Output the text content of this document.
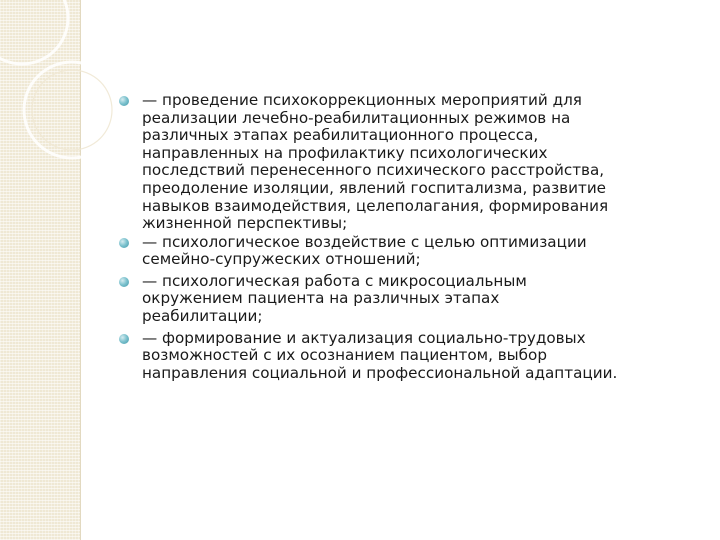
— проведение психокоррекционных мероприятий для
реализации лечебно-реабилитационных режимов на
различных этапах реабилитационного процесса,
направленных на профилактику психологических
последствий перенесенного психического расстройства,
преодоление изоляции, явлений госпитализма, развитие
навыков взаимодействия, целеполагания, формирования
жизненной перспективы;
— психологическое воздействие с целью оптимизации
семейно-супружеских отношений;
— психологическая работа с микросоциальным
окружением пациента на различных этапах
реабилитации;
— формирование и актуализация социально-трудовых
возможностей с их осознанием пациентом, выбор
направления социальной и профессиональной адаптации.
